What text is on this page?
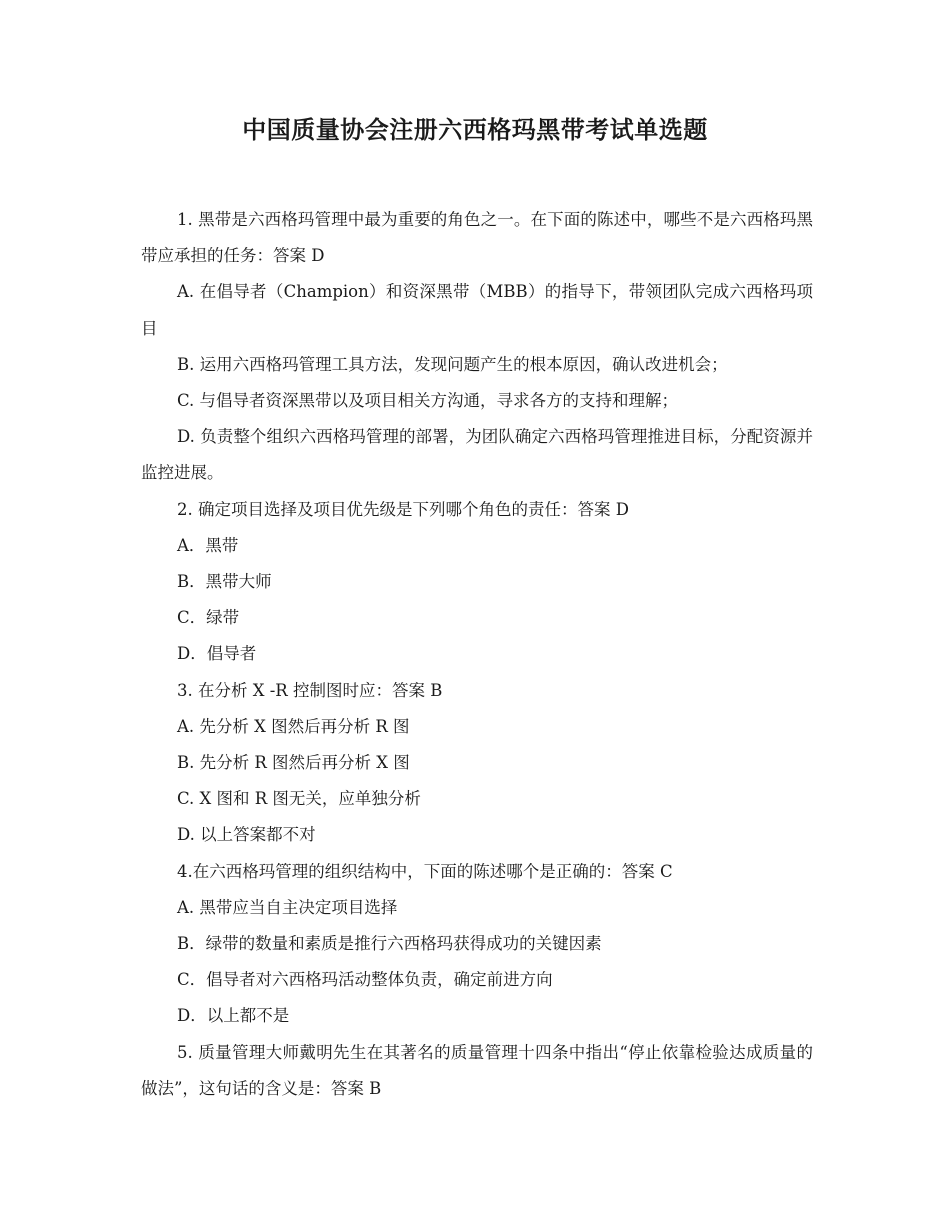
中国质量协会注册六西格玛黑带考试单选题

1. 黑带是六西格玛管理中最为重要的角色之一。在下面的陈述中，哪些不是六西格玛黑带应承担的任务：答案 D

A. 在倡导者（Champion）和资深黑带（MBB）的指导下，带领团队完成六西格玛项目

B. 运用六西格玛管理工具方法，发现问题产生的根本原因，确认改进机会；

C. 与倡导者资深黑带以及项目相关方沟通，寻求各方的支持和理解；

D. 负责整个组织六西格玛管理的部署，为团队确定六西格玛管理推进目标，分配资源并监控进展。

2. 确定项目选择及项目优先级是下列哪个角色的责任：答案 D

A．黑带

B．黑带大师

C．绿带

D．倡导者

3. 在分析 X -R 控制图时应：答案 B

A. 先分析 X 图然后再分析 R 图

B. 先分析 R 图然后再分析 X 图

C. X 图和 R 图无关，应单独分析

D. 以上答案都不对

4.在六西格玛管理的组织结构中，下面的陈述哪个是正确的：答案 C

A. 黑带应当自主决定项目选择

B．绿带的数量和素质是推行六西格玛获得成功的关键因素

C．倡导者对六西格玛活动整体负责，确定前进方向

D．以上都不是

5. 质量管理大师戴明先生在其著名的质量管理十四条中指出“停止依靠检验达成质量的做法”，这句话的含义是：答案 B
